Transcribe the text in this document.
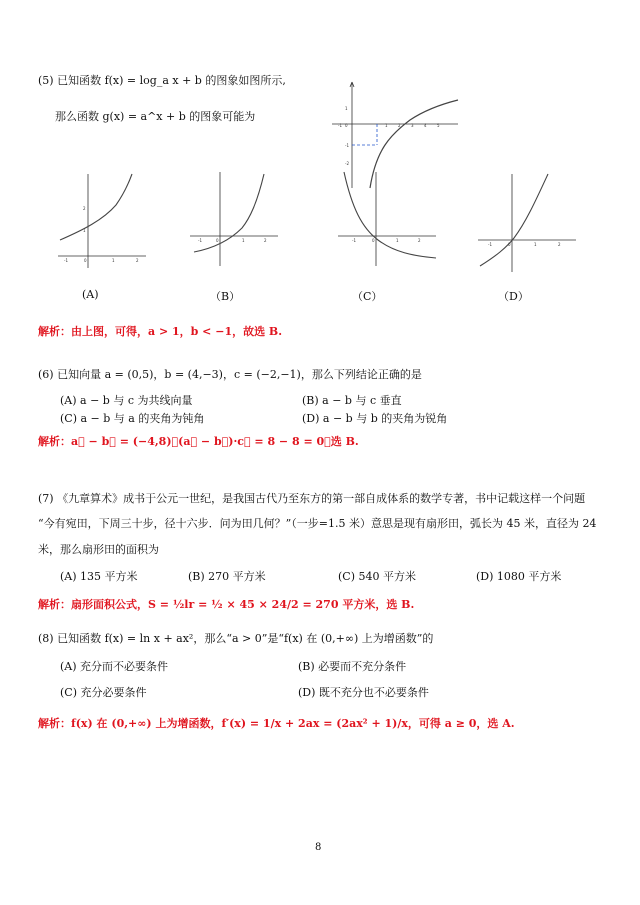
(5) 已知函数 f(x) = log_a x + b 的图象如图所示,
那么函数 g(x) = a^x + b 的图象可能为
-1 0	1	2	3	4	5
-1
-2
1
-1	0	1	2
2
1
-1	0	1	2	-1	0	1	2
-1	0	1	2
(A)	（B）	（C）	（D）
解析：由上图，可得，a > 1，b < −1，故选 B.
(6) 已知向量 a = (0,5)，b = (4,−3)，c = (−2,−1)，那么下列结论正确的是
(A) a − b 与 c 为共线向量	(B) a − b 与 c 垂直
(C) a − b 与 a 的夹角为钝角	(D) a − b 与 b 的夹角为锐角
解析：a⃗ − b⃗ = (−4,8)，(a⃗ − b⃗)·c⃗ = 8 − 8 = 0，选 B.
(7) 《九章算术》成书于公元一世纪，是我国古代乃至东方的第一部自成体系的数学专著，书中记载这样一个问题
“今有宛田，下周三十步，径十六步．问为田几何？”（一步=1.5 米）意思是现有扇形田，弧长为 45 米，直径为 24
米，那么扇形田的面积为
(A) 135 平方米	(B) 270 平方米	(C) 540 平方米	(D) 1080 平方米
解析：扇形面积公式，S = ½lr = ½ × 45 × 24/2 = 270 平方米，选 B.
(8) 已知函数 f(x) = ln x + ax²，那么“a > 0”是“f(x) 在 (0,+∞) 上为增函数”的
(A) 充分而不必要条件	(B) 必要而不充分条件
(C) 充分必要条件	(D) 既不充分也不必要条件
解析：f(x) 在 (0,+∞) 上为增函数，f′(x) = 1/x + 2ax = (2ax² + 1)/x，可得 a ≥ 0，选 A.
8
